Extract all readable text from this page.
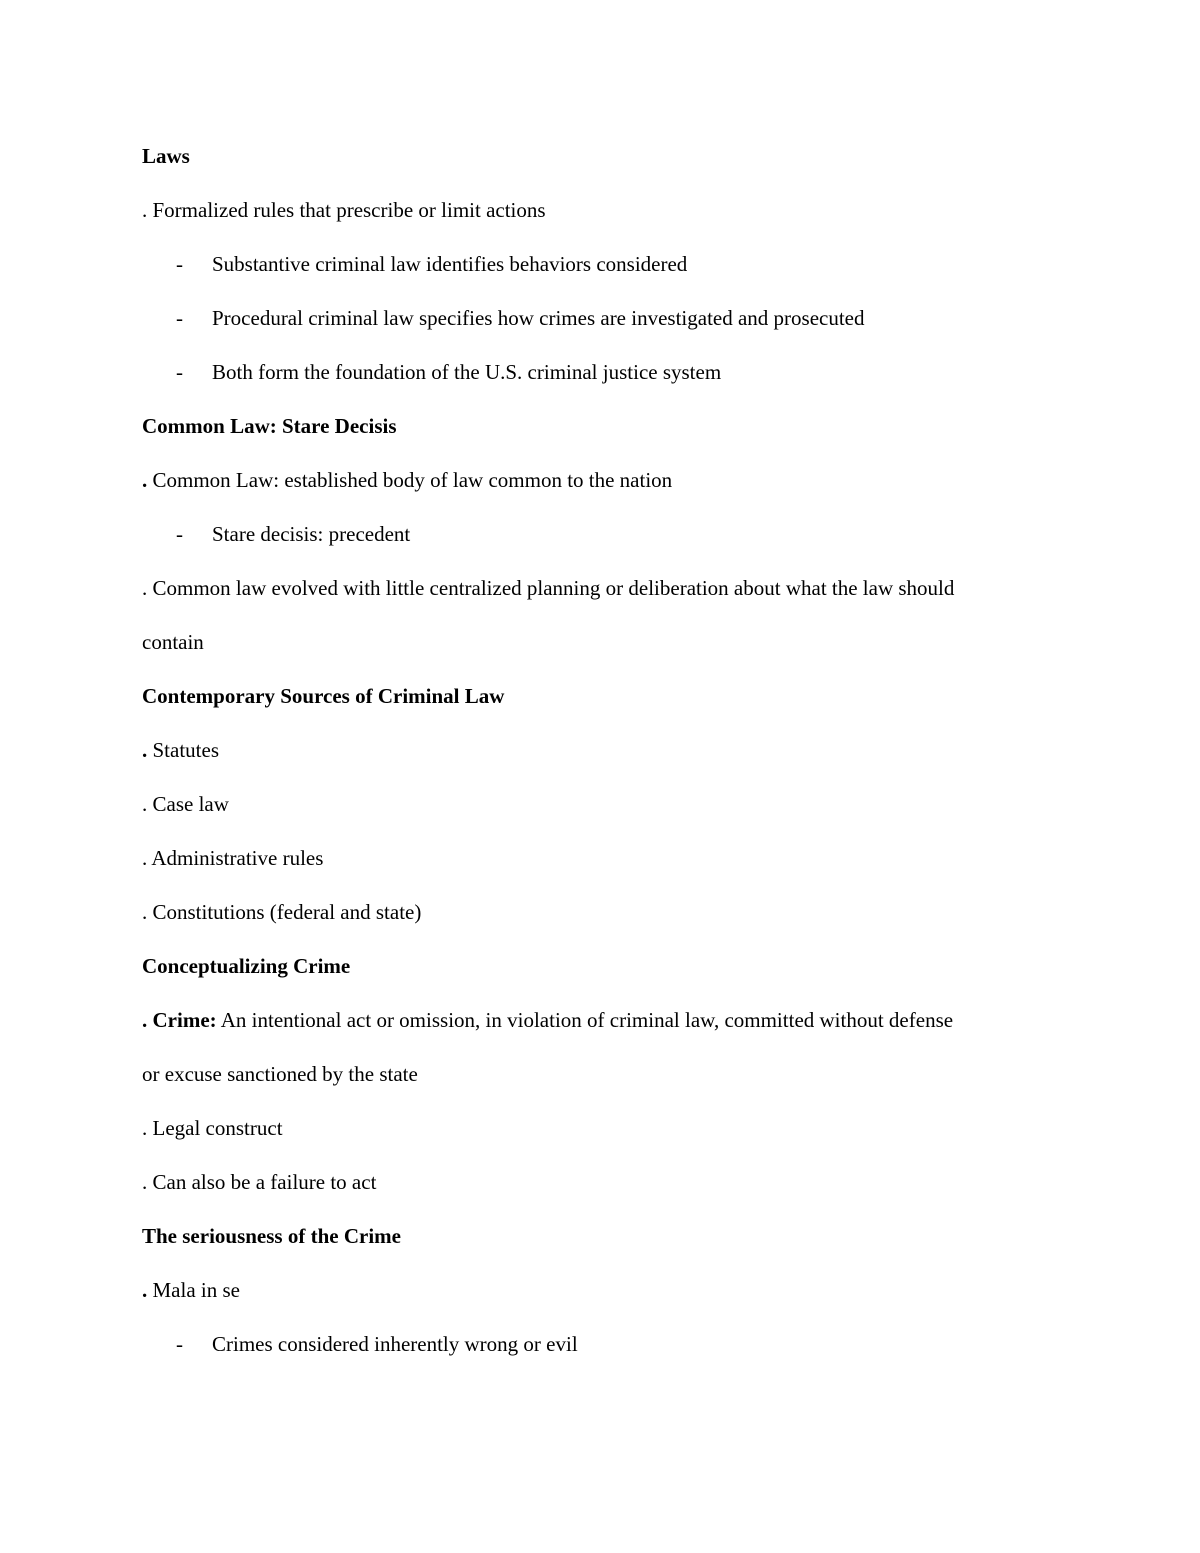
Laws
. Formalized rules that prescribe or limit actions
- Substantive criminal law identifies behaviors considered
- Procedural criminal law specifies how crimes are investigated and prosecuted
- Both form the foundation of the U.S. criminal justice system
Common Law: Stare Decisis
. Common Law: established body of law common to the nation
- Stare decisis: precedent
. Common law evolved with little centralized planning or deliberation about what the law should
contain
Contemporary Sources of Criminal Law
. Statutes
. Case law
. Administrative rules
. Constitutions (federal and state)
Conceptualizing Crime
. Crime: An intentional act or omission, in violation of criminal law, committed without defense
or excuse sanctioned by the state
. Legal construct
. Can also be a failure to act
The seriousness of the Crime
. Mala in se
- Crimes considered inherently wrong or evil
